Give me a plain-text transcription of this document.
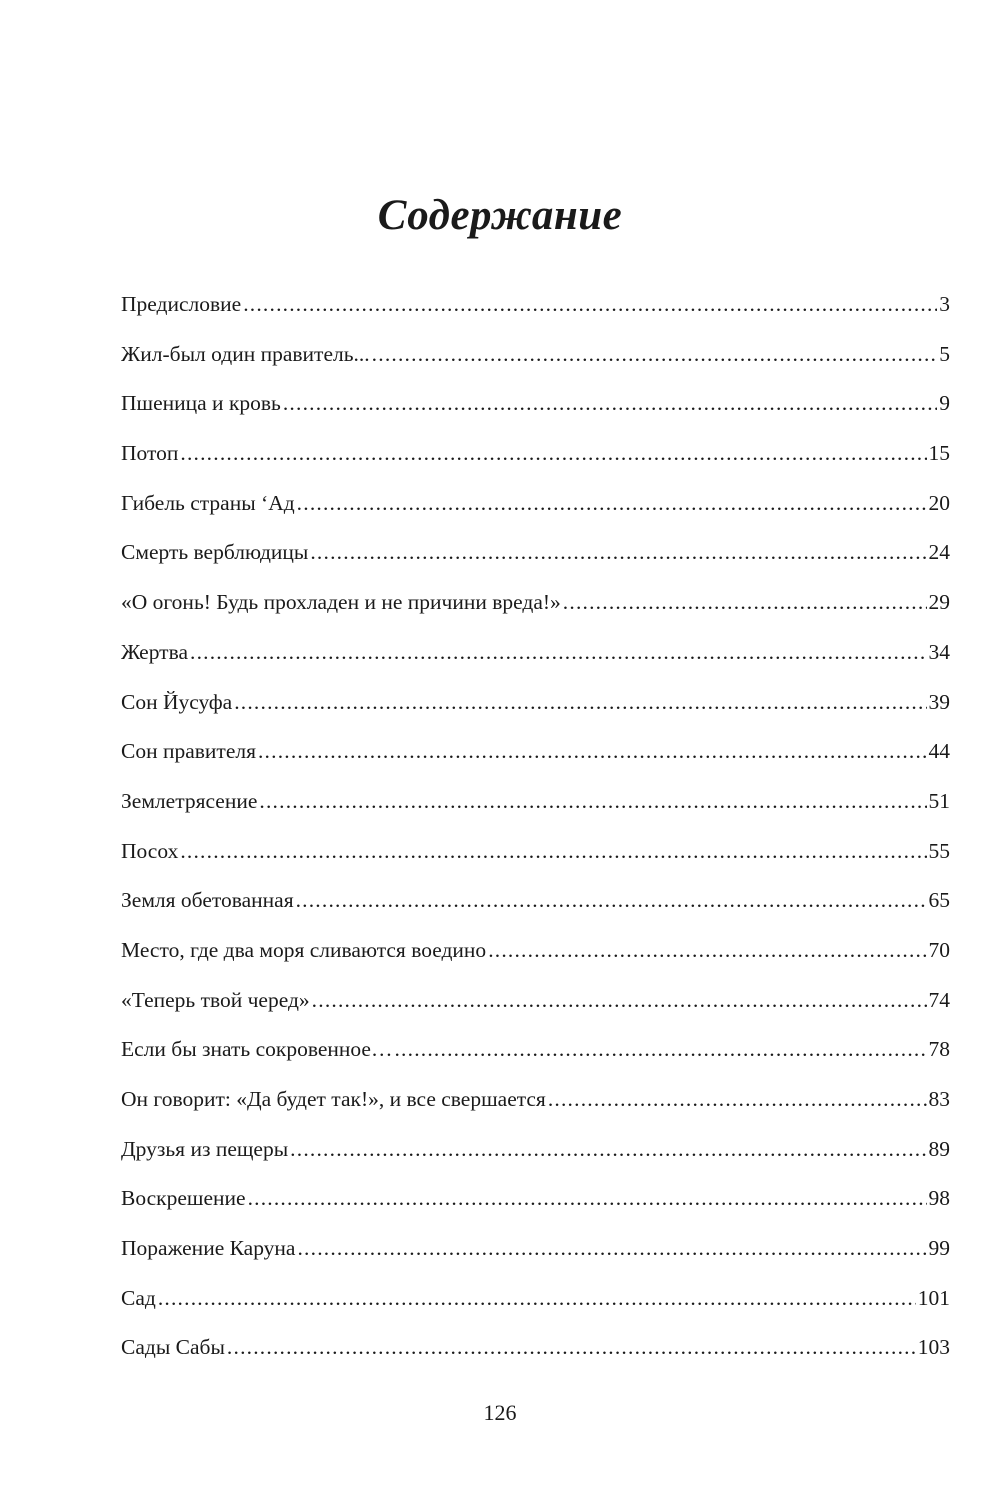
Содержание
Предисловие .....	3
Жил-был один правитель... .....	5
Пшеница и кровь .....	9
Потоп .....	15
Гибель страны ‘Ад .....	20
Смерть верблюдицы .....	24
«О огонь! Будь прохладен и не причини вреда!» .....	29
Жертва .....	34
Сон Йусуфа .....	39
Сон правителя .....	44
Землетрясение .....	51
Посох .....	55
Земля обетованная .....	65
Место, где два моря сливаются воедино .....	70
«Теперь твой черед» .....	74
Если бы знать сокровенное… .....	78
Он говорит: «Да будет так!», и все свершается .....	83
Друзья из пещеры .....	89
Воскрешение .....	98
Поражение Каруна .....	99
Сад .....	101
Сады Сабы .....	103
126
